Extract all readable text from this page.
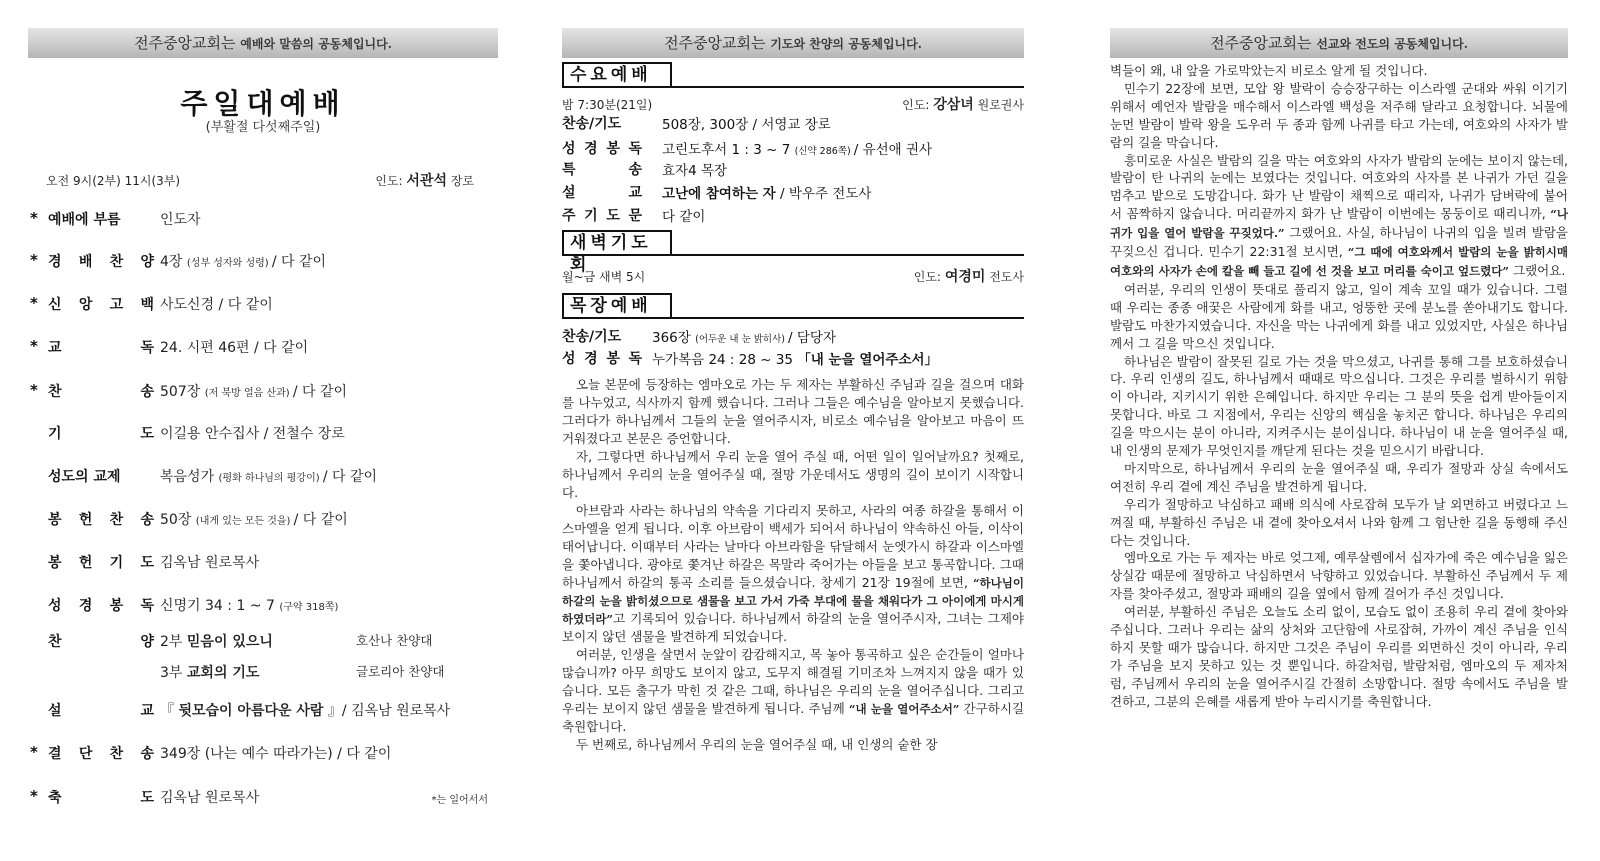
전주중앙교회는 예배와 말씀의 공동체입니다.
주일대예배
(부활절 다섯째주일)
오전 9시(2부) 11시(3부)	인도: 서관석 장로
* 예배에 부름	인도자
* 경 배 찬 양 4장 (성부 성자와 성령) / 다 같이
* 신 앙 고 백 사도신경 / 다 같이
* 교	독 24. 시편 46편 / 다 같이
* 찬	송 507장 (저 북방 얼음 산과) / 다 같이
기	도 이길용 안수집사 / 전철수 장로
성도의 교제	복음성가 (평화 하나님의 평강이) / 다 같이
봉 헌 찬 송 50장 (내게 있는 모든 것을) / 다 같이
봉 헌 기 도 김옥남 원로목사
성 경 봉 독 신명기 34 : 1 ~ 7 (구약 318쪽)
찬	양 2부 믿음이 있으니	호산나 찬양대
3부 교회의 기도	글로리아 찬양대
설	교 『 뒷모습이 아름다운 사람 』/ 김옥남 원로목사
* 결 단 찬 송 349장 (나는 예수 따라가는) / 다 같이
* 축	도 김옥남 원로목사	*는 일어서서
전주중앙교회는 기도와 찬양의 공동체입니다.
수요예배
밤 7:30분(21일)	인도: 강삼녀 원로권사
찬송/기도	508장, 300장 / 서영교 장로
성 경 봉 독 고린도후서 1 : 3 ~ 7 (신약 286쪽) / 유선애 권사
특	송 효자4 목장
설	교 고난에 참여하는 자 / 박우주 전도사
주 기 도 문 다 같이
새벽기도회
월~금 새벽 5시	인도: 여경미 전도사
목장예배
찬송/기도	366장 (어두운 내 눈 밝히사) / 담당자
성 경 봉 독 누가복음 24 : 28 ~ 35 「내 눈을 열어주소서」
오늘 본문에 등장하는 엠마오로 가는 두 제자는 부활하신 주님과 길을 걸으며 대화를 나누었고, 식사까지 함께 했습니다. 그러나 그들은 예수님을 알아보지 못했습니다. 그러다가 하나님께서 그들의 눈을 열어주시자, 비로소 예수님을 알아보고 마음이 뜨거워졌다고 본문은 증언합니다.
자, 그렇다면 하나님께서 우리 눈을 열어 주실 때, 어떤 일이 일어날까요? 첫째로, 하나님께서 우리의 눈을 열어주실 때, 절망 가운데서도 생명의 길이 보이기 시작합니다.
아브람과 사라는 하나님의 약속을 기다리지 못하고, 사라의 여종 하갈을 통해서 이스마엘을 얻게 됩니다. 이후 아브람이 백세가 되어서 하나님이 약속하신 아들, 이삭이 태어납니다. 이때부터 사라는 날마다 아브라함을 닦달해서 눈엣가시 하갈과 이스마엘을 쫓아냅니다. 광야로 쫓겨난 하갈은 목말라 죽어가는 아들을 보고 통곡합니다. 그때 하나님께서 하갈의 통곡 소리를 들으셨습니다. 창세기 21장 19절에 보면, “하나님이 하갈의 눈을 밝히셨으므로 샘물을 보고 가서 가죽 부대에 물을 채워다가 그 아이에게 마시게 하였더라”고 기록되어 있습니다. 하나님께서 하갈의 눈을 열어주시자, 그녀는 그제야 보이지 않던 샘물을 발견하게 되었습니다.
여러분, 인생을 살면서 눈앞이 캄캄해지고, 목 놓아 통곡하고 싶은 순간들이 얼마나 많습니까? 아무 희망도 보이지 않고, 도무지 해결될 기미조차 느껴지지 않을 때가 있습니다. 모든 출구가 막힌 것 같은 그때, 하나님은 우리의 눈을 열어주십니다. 그리고 우리는 보이지 않던 샘물을 발견하게 됩니다. 주님께 “내 눈을 열어주소서” 간구하시길 축원합니다.
두 번째로, 하나님께서 우리의 눈을 열어주실 때, 내 인생의 숱한 장
전주중앙교회는 선교와 전도의 공동체입니다.
벽들이 왜, 내 앞을 가로막았는지 비로소 알게 될 것입니다.
민수기 22장에 보면, 모압 왕 발락이 승승장구하는 이스라엘 군대와 싸워 이기기 위해서 예언자 발람을 매수해서 이스라엘 백성을 저주해 달라고 요청합니다. 뇌물에 눈먼 발람이 발락 왕을 도우러 두 종과 함께 나귀를 타고 가는데, 여호와의 사자가 발람의 길을 막습니다.
흥미로운 사실은 발람의 길을 막는 여호와의 사자가 발람의 눈에는 보이지 않는데, 발람이 탄 나귀의 눈에는 보였다는 것입니다. 여호와의 사자를 본 나귀가 가던 길을 멈추고 밭으로 도망갑니다. 화가 난 발람이 채찍으로 때리자, 나귀가 담벼락에 붙어서 꼼짝하지 않습니다. 머리끝까지 화가 난 발람이 이번에는 몽둥이로 때리니까, “나귀가 입을 열어 발람을 꾸짖었다.” 그랬어요. 사실, 하나님이 나귀의 입을 빌려 발람을 꾸짖으신 겁니다. 민수기 22:31절 보시면, “그 때에 여호와께서 발람의 눈을 밝히시매 여호와의 사자가 손에 칼을 빼 들고 길에 선 것을 보고 머리를 숙이고 엎드렸다” 그랬어요.
여러분, 우리의 인생이 뜻대로 풀리지 않고, 일이 계속 꼬일 때가 있습니다. 그럴 때 우리는 종종 애꿎은 사람에게 화를 내고, 엉뚱한 곳에 분노를 쏟아내기도 합니다. 발람도 마찬가지였습니다. 자신을 막는 나귀에게 화를 내고 있었지만, 사실은 하나님께서 그 길을 막으신 것입니다.
하나님은 발람이 잘못된 길로 가는 것을 막으셨고, 나귀를 통해 그를 보호하셨습니다. 우리 인생의 길도, 하나님께서 때때로 막으십니다. 그것은 우리를 벌하시기 위함이 아니라, 지키시기 위한 은혜입니다. 하지만 우리는 그 분의 뜻을 쉽게 받아들이지 못합니다. 바로 그 지점에서, 우리는 신앙의 핵심을 놓치곤 합니다. 하나님은 우리의 길을 막으시는 분이 아니라, 지켜주시는 분이십니다. 하나님이 내 눈을 열어주실 때, 내 인생의 문제가 무엇인지를 깨닫게 된다는 것을 믿으시기 바랍니다.
마지막으로, 하나님께서 우리의 눈을 열어주실 때, 우리가 절망과 상실 속에서도 여전히 우리 곁에 계신 주님을 발견하게 됩니다.
우리가 절망하고 낙심하고 패배 의식에 사로잡혀 모두가 날 외면하고 버렸다고 느껴질 때, 부활하신 주님은 내 곁에 찾아오셔서 나와 함께 그 험난한 길을 동행해 주신다는 것입니다.
엠마오로 가는 두 제자는 바로 엊그제, 예루살렘에서 십자가에 죽은 예수님을 잃은 상실감 때문에 절망하고 낙심하면서 낙향하고 있었습니다. 부활하신 주님께서 두 제자를 찾아주셨고, 절망과 패배의 길을 옆에서 함께 걸어가 주신 것입니다.
여러분, 부활하신 주님은 오늘도 소리 없이, 모습도 없이 조용히 우리 곁에 찾아와 주십니다. 그러나 우리는 삶의 상처와 고단함에 사로잡혀, 가까이 계신 주님을 인식하지 못할 때가 많습니다. 하지만 그것은 주님이 우리를 외면하신 것이 아니라, 우리가 주님을 보지 못하고 있는 것 뿐입니다. 하갈처럼, 발람처럼, 엠마오의 두 제자처럼, 주님께서 우리의 눈을 열어주시길 간절히 소망합니다. 절망 속에서도 주님을 발견하고, 그분의 은혜를 새롭게 받아 누리시기를 축원합니다.
